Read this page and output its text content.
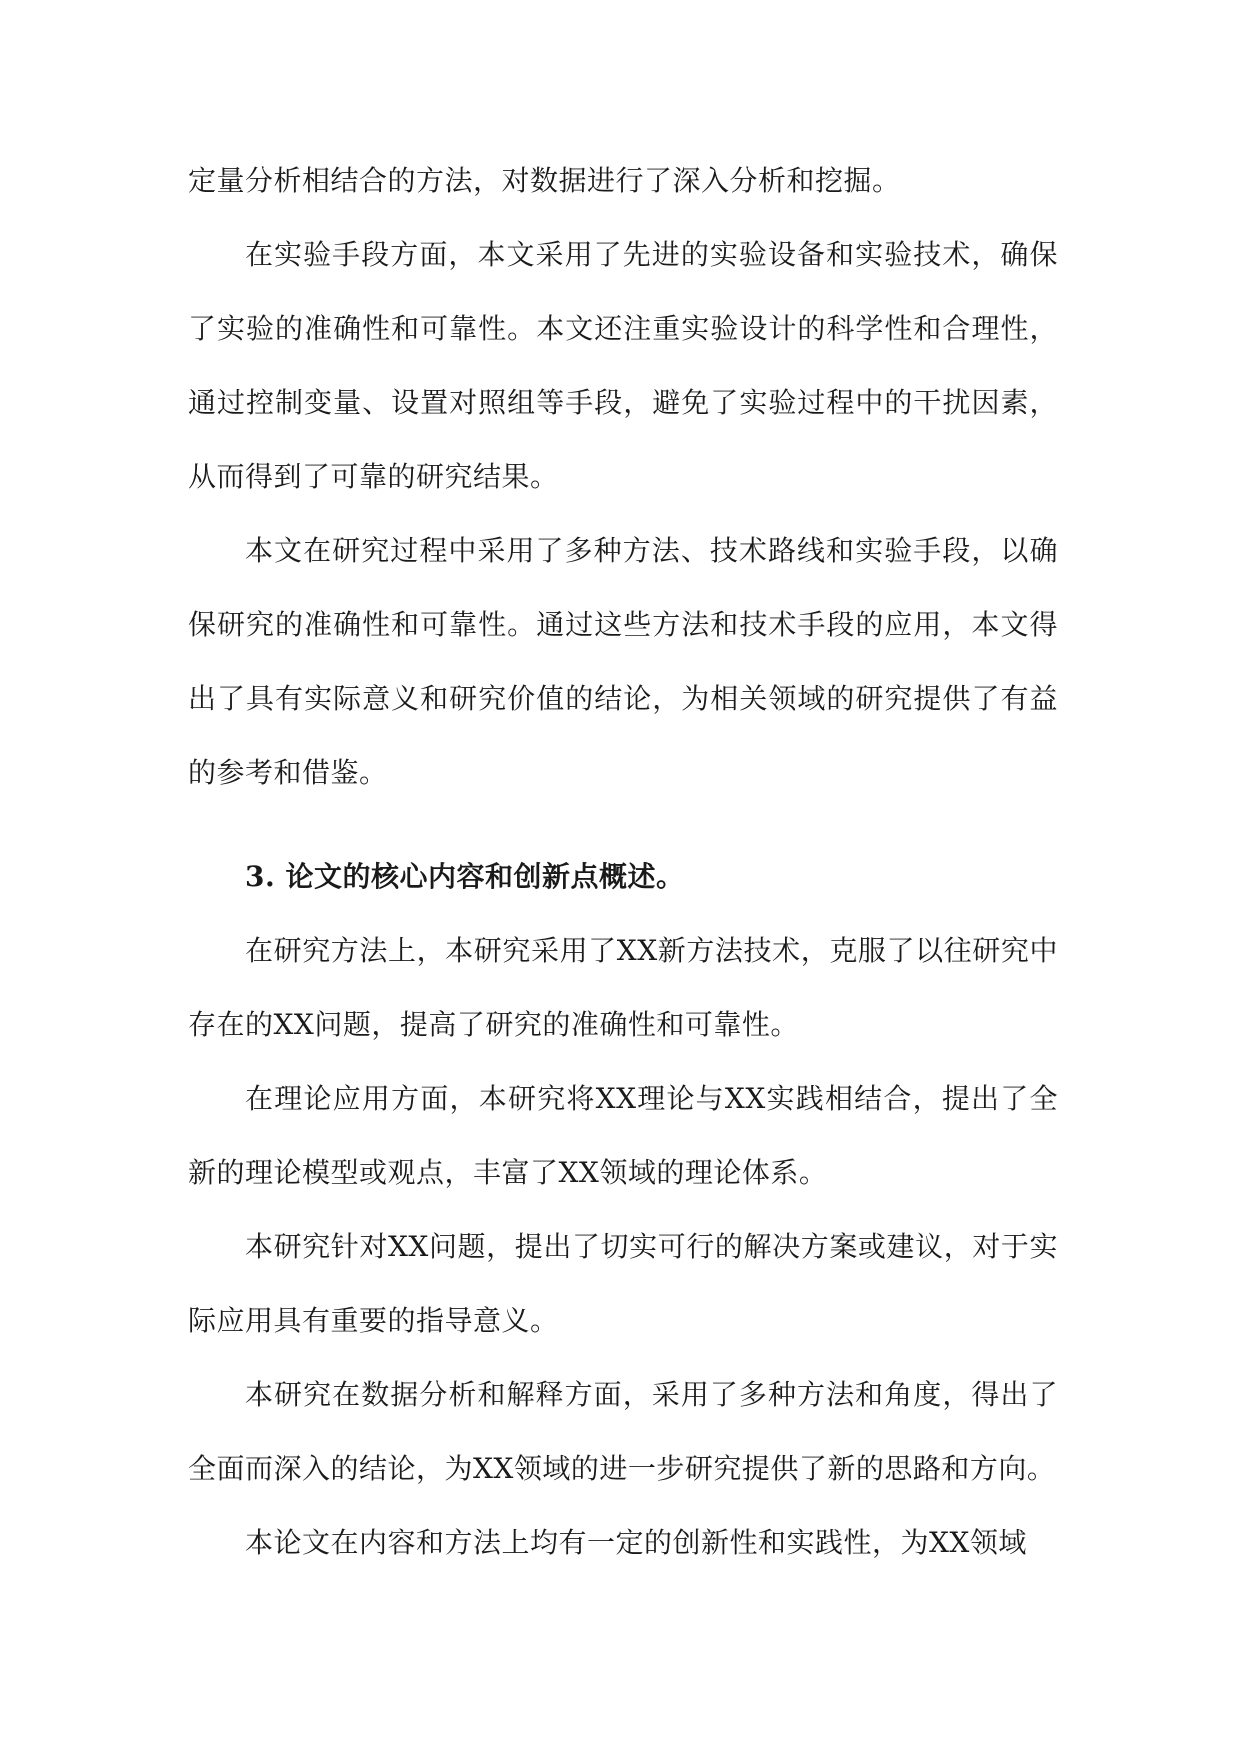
定量分析相结合的方法，对数据进行了深入分析和挖掘。

在实验手段方面，本文采用了先进的实验设备和实验技术，确保了实验的准确性和可靠性。本文还注重实验设计的科学性和合理性，通过控制变量、设置对照组等手段，避免了实验过程中的干扰因素，从而得到了可靠的研究结果。

本文在研究过程中采用了多种方法、技术路线和实验手段，以确保研究的准确性和可靠性。通过这些方法和技术手段的应用，本文得出了具有实际意义和研究价值的结论，为相关领域的研究提供了有益的参考和借鉴。

3. 论文的核心内容和创新点概述。

在研究方法上，本研究采用了XX新方法技术，克服了以往研究中存在的XX问题，提高了研究的准确性和可靠性。

在理论应用方面，本研究将XX理论与XX实践相结合，提出了全新的理论模型或观点，丰富了XX领域的理论体系。

本研究针对XX问题，提出了切实可行的解决方案或建议，对于实际应用具有重要的指导意义。

本研究在数据分析和解释方面，采用了多种方法和角度，得出了全面而深入的结论，为XX领域的进一步研究提供了新的思路和方向。

本论文在内容和方法上均有一定的创新性和实践性，为XX领域
